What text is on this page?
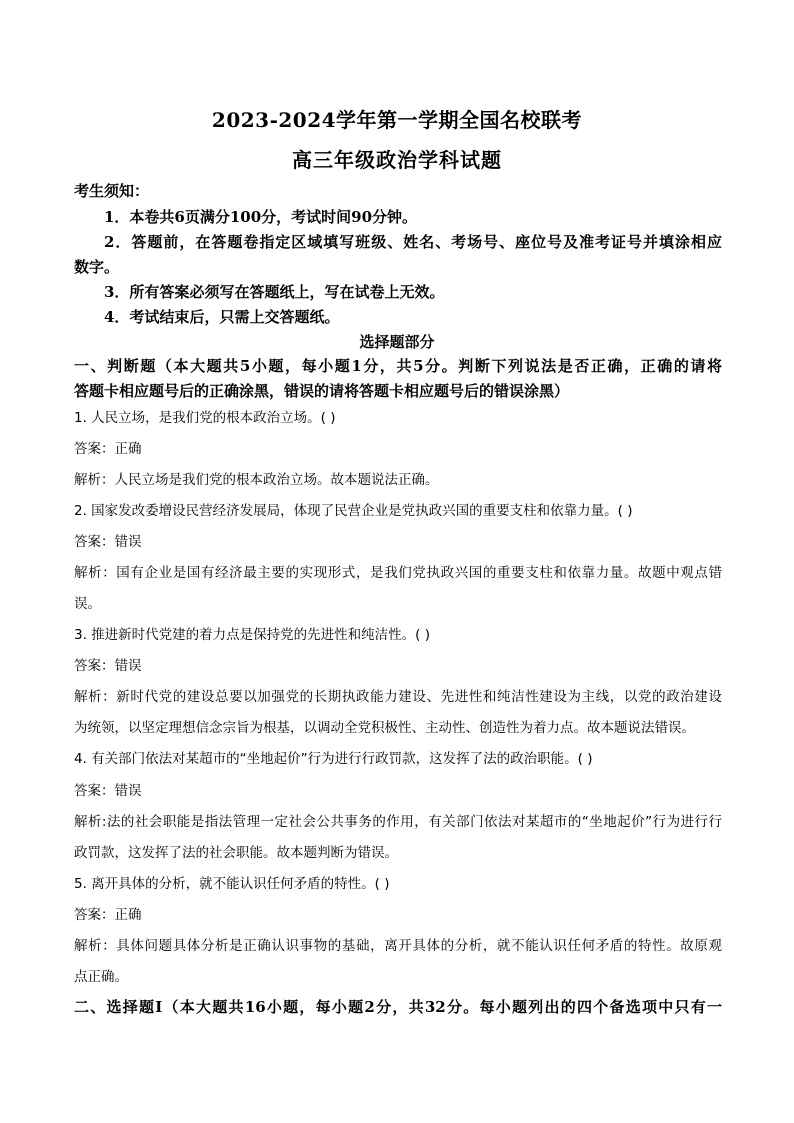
2023-2024学年第一学期全国名校联考
高三年级政治学科试题
考生须知：
1．本卷共6页满分100分，考试时间90分钟。
2．答题前，在答题卷指定区域填写班级、姓名、考场号、座位号及准考证号并填涂相应
数字。
3．所有答案必须写在答题纸上，写在试卷上无效。
4．考试结束后，只需上交答题纸。
选择题部分
一、判断题（本大题共5小题，每小题1分，共5分。判断下列说法是否正确，正确的请将
答题卡相应题号后的正确涂黑，错误的请将答题卡相应题号后的错误涂黑）
1. 人民立场，是我们党的根本政治立场。( )
答案：正确
解析：人民立场是我们党的根本政治立场。故本题说法正确。
2. 国家发改委增设民营经济发展局，体现了民营企业是党执政兴国的重要支柱和依靠力量。( )
答案：错误
解析：国有企业是国有经济最主要的实现形式，是我们党执政兴国的重要支柱和依靠力量。故题中观点错
误。
3. 推进新时代党建的着力点是保持党的先进性和纯洁性。( )
答案：错误
解析：新时代党的建设总要以加强党的长期执政能力建设、先进性和纯洁性建设为主线，以党的政治建设
为统领，以坚定理想信念宗旨为根基，以调动全党积极性、主动性、创造性为着力点。故本题说法错误。
4. 有关部门依法对某超市的“坐地起价”行为进行行政罚款，这发挥了法的政治职能。( )
答案：错误
解析:法的社会职能是指法管理一定社会公共事务的作用，有关部门依法对某超市的“坐地起价”行为进行行
政罚款，这发挥了法的社会职能。故本题判断为错误。
5. 离开具体的分析，就不能认识任何矛盾的特性。( )
答案：正确
解析：具体问题具体分析是正确认识事物的基础，离开具体的分析，就不能认识任何矛盾的特性。故原观
点正确。
二、选择题Ⅰ（本大题共16小题，每小题2分，共32分。每小题列出的四个备选项中只有一
